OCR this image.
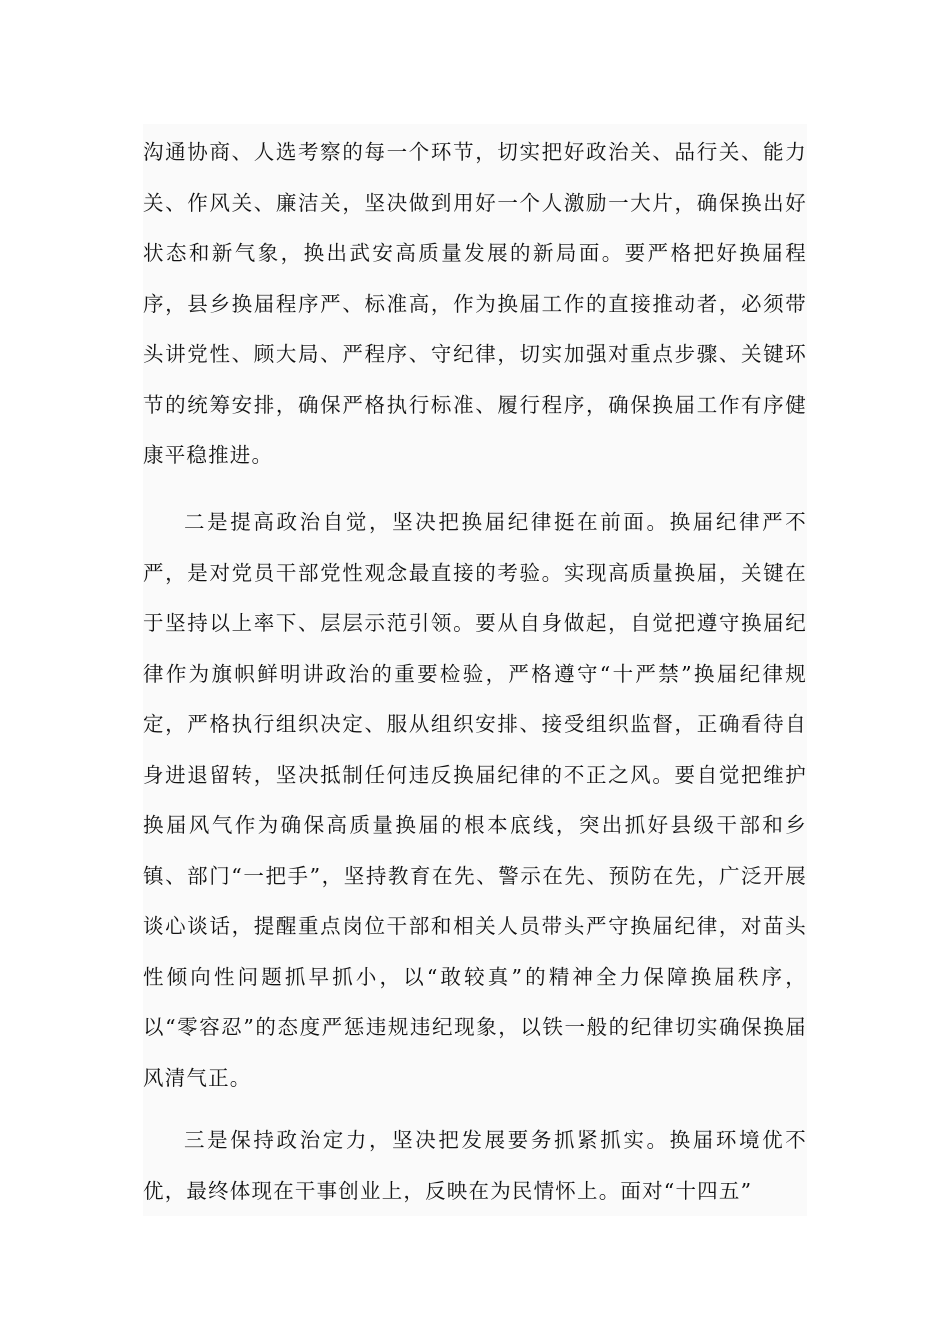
沟通协商、人选考察的每一个环节，切实把好政治关、品行关、能力关、作风关、廉洁关，坚决做到用好一个人激励一大片，确保换出好状态和新气象，换出武安高质量发展的新局面。要严格把好换届程序，县乡换届程序严、标准高，作为换届工作的直接推动者，必须带头讲党性、顾大局、严程序、守纪律，切实加强对重点步骤、关键环节的统筹安排，确保严格执行标准、履行程序，确保换届工作有序健康平稳推进。

二是提高政治自觉，坚决把换届纪律挺在前面。换届纪律严不严，是对党员干部党性观念最直接的考验。实现高质量换届，关键在于坚持以上率下、层层示范引领。要从自身做起，自觉把遵守换届纪律作为旗帜鲜明讲政治的重要检验，严格遵守“十严禁”换届纪律规定，严格执行组织决定、服从组织安排、接受组织监督，正确看待自身进退留转，坚决抵制任何违反换届纪律的不正之风。要自觉把维护换届风气作为确保高质量换届的根本底线，突出抓好县级干部和乡镇、部门“一把手”，坚持教育在先、警示在先、预防在先，广泛开展谈心谈话，提醒重点岗位干部和相关人员带头严守换届纪律，对苗头性倾向性问题抓早抓小，以“敢较真”的精神全力保障换届秩序，以“零容忍”的态度严惩违规违纪现象，以铁一般的纪律切实确保换届风清气正。

三是保持政治定力，坚决把发展要务抓紧抓实。换届环境优不优，最终体现在干事创业上，反映在为民情怀上。面对“十四五”
